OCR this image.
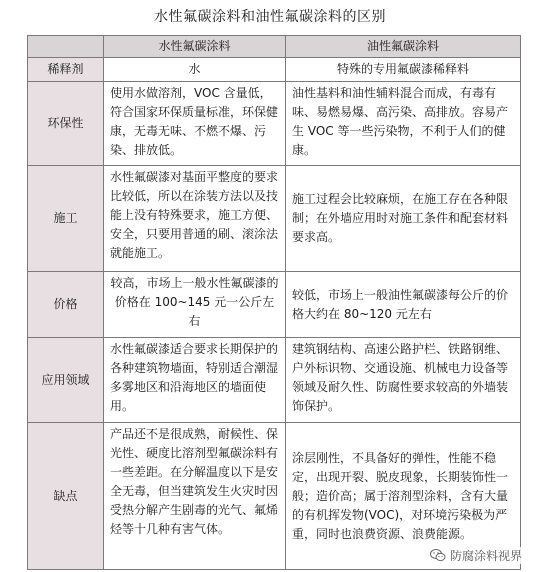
水性氟碳涂料和油性氟碳涂料的区别
	水性氟碳涂料	油性氟碳涂料
稀释剂	水	特殊的专用氟碳漆稀释料
环保性	使用水做溶剂，VOC 含量低，符合国家环保质量标准，环保健康，无毒无味、不燃不爆、污染、排放低。	油性基料和油性辅料混合而成，有毒有味、易燃易爆、高污染、高排放。容易产生 VOC 等一些污染物，不利于人们的健康。
施工	水性氟碳漆对基面平整度的要求比较低，所以在涂装方法以及技能上没有特殊要求，施工方便、安全，只要用普通的刷、滚涂法就能施工。	施工过程会比较麻烦，在施工存在各种限制；在外墙应用时对施工条件和配套材料要求高。
价格	较高，市场上一般水性氟碳漆的价格在 100~145 元一公斤左右	较低，市场上一般油性氟碳漆每公斤的价格大约在 80~120 元左右
应用领域	水性氟碳漆适合要求长期保护的各种建筑物墙面，特别适合潮湿多雾地区和沿海地区的墙面使用。	建筑钢结构、高速公路护栏、铁路钢维、户外标识物、交通设施、机械电力设备等领域及耐久性、防腐性要求较高的外墙装饰保护。
缺点	产品还不是很成熟，耐候性、保光性、硬度比溶剂型氟碳涂料有一些差距。在分解温度以下是安全无毒，但当建筑发生火灾时因受热分解产生剧毒的光气、氟烯烃等十几种有害气体。	涂层刚性，不具备好的弹性，性能不稳定，出现开裂、脱皮现象，长期装饰性一般；造价高；属于溶剂型涂料，含有大量的有机挥发物(VOC)，对环境污染极为严重，同时也浪费资源、浪费能源。
防腐涂料视界
